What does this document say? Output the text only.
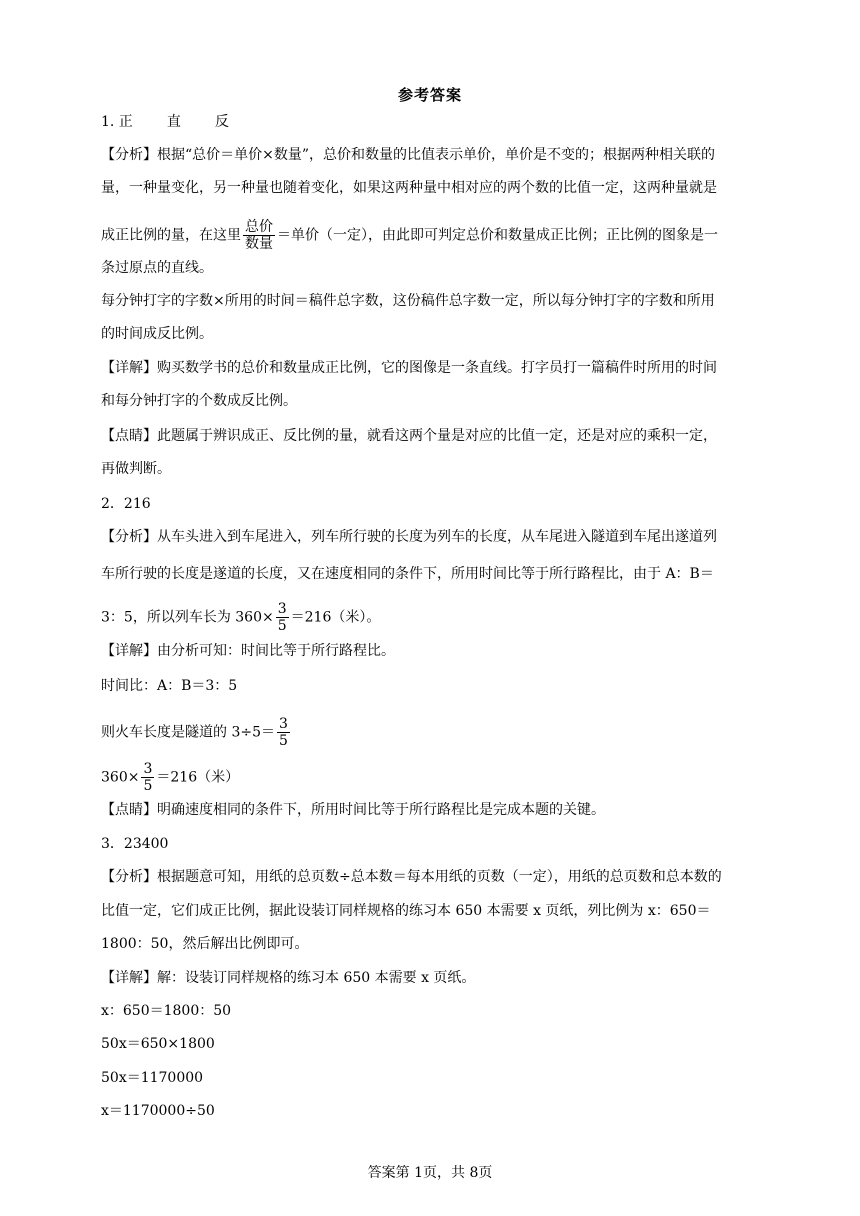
参考答案
1. 正 直 反
【分析】根据“总价＝单价×数量”，总价和数量的比值表示单价，单价是不变的；根据两种相关联的
量，一种量变化，另一种量也随着变化，如果这两种量中相对应的两个数的比值一定，这两种量就是
成正比例的量，在这里 $\frac{\text{总价}}{\text{数量}}$ ＝单价（一定），由此即可判定总价和数量成正比例；正比例的图象是一
条过原点的直线。
每分钟打字的字数×所用的时间＝稿件总字数，这份稿件总字数一定，所以每分钟打字的字数和所用
的时间成反比例。
【详解】购买数学书的总价和数量成正比例，它的图像是一条直线。打字员打一篇稿件时所用的时间
和每分钟打字的个数成反比例。
【点睛】此题属于辨识成正、反比例的量，就看这两个量是对应的比值一定，还是对应的乘积一定，
再做判断。
2．216
【分析】从车头进入到车尾进入，列车所行驶的长度为列车的长度，从车尾进入隧道到车尾出遂道列
车所行驶的长度是遂道的长度，又在速度相同的条件下，所用时间比等于所行路程比，由于 A：B＝
3：5，所以列车长为 $360\times \frac{3}{5} =216$（米）。
【详解】由分析可知：时间比等于所行路程比。
时间比：A：B＝3：5
则火车长度是隧道的 $3\div 5= \frac{3}{5}$
$360\times \frac{3}{5} =216$（米）
【点睛】明确速度相同的条件下，所用时间比等于所行路程比是完成本题的关键。
3．23400
【分析】根据题意可知，用纸的总页数÷总本数＝每本用纸的页数（一定），用纸的总页数和总本数的
比值一定，它们成正比例，据此设装订同样规格的练习本 650 本需要 x 页纸，列比例为 x：650＝
1800：50，然后解出比例即可。
【详解】解：设装订同样规格的练习本 650 本需要 x 页纸。
x：650＝1800：50
50x＝650×1800
50x＝1170000
x＝1170000÷50
答案第 1页，共 8页
